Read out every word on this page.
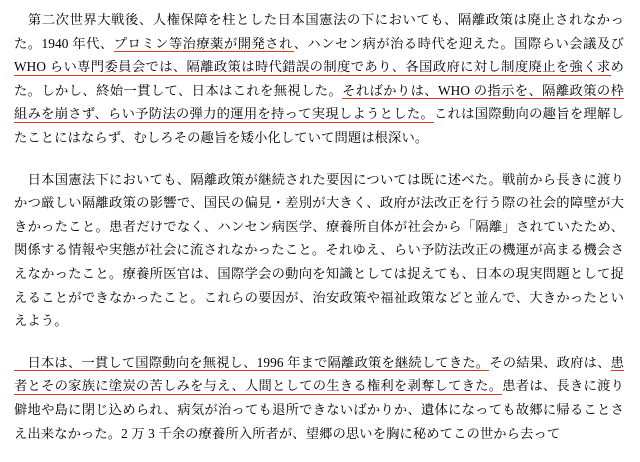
　第二次世界大戦後、人権保障を柱とした日本国憲法の下においても、隔離政策は廃止されなかった。1940 年代、プロミン等治療薬が開発され、ハンセン病が治る時代を迎えた。国際らい会議及びWHO らい専門委員会では、隔離政策は時代錯誤の制度であり、各国政府に対し制度廃止を強く求めた。しかし、終始一貫して、日本はこれを無視した。そればかりは、WHO の指示を、隔離政策の枠組みを崩さず、らい予防法の弾力的運用を持って実現しようとした。これは国際動向の趣旨を理解したことにはならず、むしろその趣旨を矮小化していて問題は根深い。

　日本国憲法下においても、隔離政策が継続された要因については既に述べた。戦前から長きに渡りかつ厳しい隔離政策の影響で、国民の偏見・差別が大きく、政府が法改正を行う際の社会的障壁が大きかったこと。患者だけでなく、ハンセン病医学、療養所自体が社会から「隔離」されていたため、関係する情報や実態が社会に流されなかったこと。それゆえ、らい予防法改正の機運が高まる機会さえなかったこと。療養所医官は、国際学会の動向を知識としては捉えても、日本の現実問題として捉えることができなかったこと。これらの要因が、治安政策や福祉政策などと並んで、大きかったといえよう。

　日本は、一貫して国際動向を無視し、1996 年まで隔離政策を継続してきた。その結果、政府は、患者とその家族に塗炭の苦しみを与え、人間としての生きる権利を剥奪してきた。患者は、長きに渡り僻地や島に閉じ込められ、病気が治っても退所できないばかりか、遺体になっても故郷に帰ることさえ出来なかった。2 万 3 千余の療養所入所者が、望郷の思いを胸に秘めてこの世から去って
